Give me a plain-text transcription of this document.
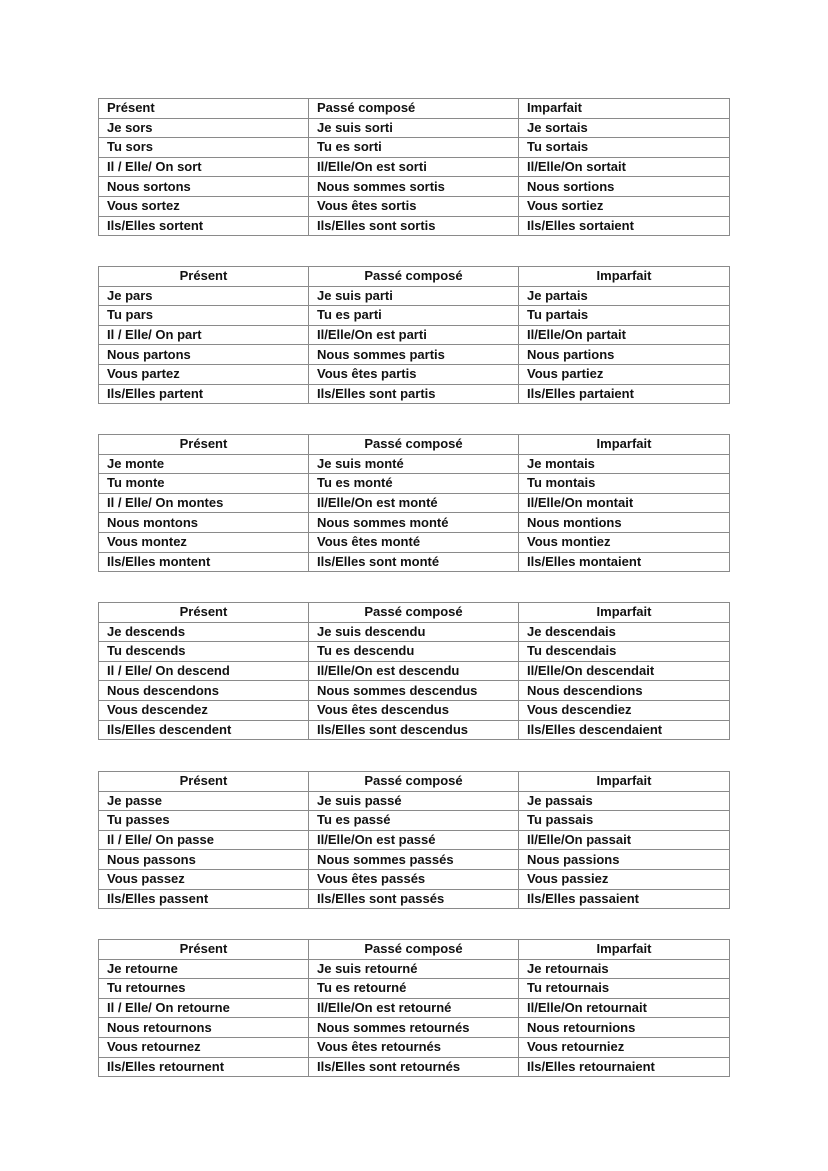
Présent	Passé composé	Imparfait
Je sors	Je suis sorti	Je sortais
Tu sors	Tu es sorti	Tu sortais
Il / Elle/ On sort	Il/Elle/On est sorti	Il/Elle/On sortait
Nous sortons	Nous sommes sortis	Nous sortions
Vous sortez	Vous êtes sortis	Vous sortiez
Ils/Elles sortent	Ils/Elles sont sortis	Ils/Elles sortaient
Présent	Passé composé	Imparfait
Je pars	Je suis parti	Je partais
Tu pars	Tu es parti	Tu partais
Il / Elle/ On part	Il/Elle/On est parti	Il/Elle/On partait
Nous partons	Nous sommes partis	Nous partions
Vous partez	Vous êtes partis	Vous partiez
Ils/Elles partent	Ils/Elles sont partis	Ils/Elles partaient
Présent	Passé composé	Imparfait
Je monte	Je suis monté	Je montais
Tu monte	Tu es monté	Tu montais
Il / Elle/ On montes	Il/Elle/On est monté	Il/Elle/On montait
Nous montons	Nous sommes monté	Nous montions
Vous montez	Vous êtes monté	Vous montiez
Ils/Elles montent	Ils/Elles sont monté	Ils/Elles montaient
Présent	Passé composé	Imparfait
Je descends	Je suis descendu	Je descendais
Tu descends	Tu es descendu	Tu descendais
Il / Elle/ On descend	Il/Elle/On est descendu	Il/Elle/On descendait
Nous descendons	Nous sommes descendus	Nous descendions
Vous descendez	Vous êtes descendus	Vous descendiez
Ils/Elles descendent	Ils/Elles sont descendus	Ils/Elles descendaient
Présent	Passé composé	Imparfait
Je passe	Je suis passé	Je passais
Tu passes	Tu es passé	Tu passais
Il / Elle/ On passe	Il/Elle/On est passé	Il/Elle/On passait
Nous passons	Nous sommes passés	Nous passions
Vous passez	Vous êtes passés	Vous passiez
Ils/Elles passent	Ils/Elles sont passés	Ils/Elles passaient
Présent	Passé composé	Imparfait
Je retourne	Je suis retourné	Je retournais
Tu retournes	Tu es retourné	Tu retournais
Il / Elle/ On retourne	Il/Elle/On est retourné	Il/Elle/On retournait
Nous retournons	Nous sommes retournés	Nous retournions
Vous retournez	Vous êtes retournés	Vous retourniez
Ils/Elles retournent	Ils/Elles sont retournés	Ils/Elles retournaient
